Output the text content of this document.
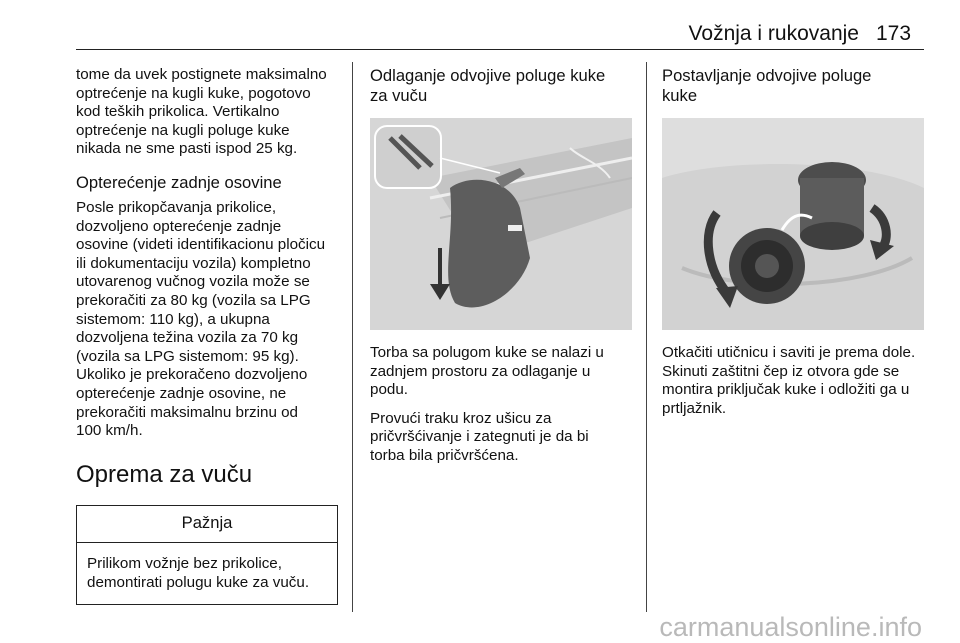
Vožnja i rukovanje 173

tome da uvek postignete maksimalno
optrećenje na kugli kuke, pogotovo
kod teških prikolica. Vertikalno
optrećenje na kugli poluge kuke
nikada ne sme pasti ispod 25 kg.

Opterećenje zadnje osovine

Posle prikopčavanja prikolice,
dozvoljeno opterećenje zadnje
osovine (videti identifikacionu pločicu
ili dokumentaciju vozila) kompletno
utovarenog vučnog vozila može se
prekoračiti za 80 kg (vozila sa LPG
sistemom: 110 kg), a ukupna
dozvoljena težina vozila za 70 kg
(vozila sa LPG sistemom: 95 kg).
Ukoliko je prekoračeno dozvoljeno
opterećenje zadnje osovine, ne
prekoračiti maksimalnu brzinu od
100 km/h.

Oprema za vuču
Pažnja
Prilikom vožnje bez prikolice,
demontirati polugu kuke za vuču.
Odlaganje odvojive poluge kuke
za vuču

Torba sa polugom kuke se nalazi u
zadnjem prostoru za odlaganje u
podu.

Provući traku kroz ušicu za
pričvršćivanje i zategnuti je da bi
torba bila pričvršćena.

Postavljanje odvojive poluge
kuke

Otkačiti utičnicu i saviti je prema dole.
Skinuti zaštitni čep iz otvora gde se
montira priključak kuke i odložiti ga u
prtljažnik.

carmanualsonline.info
